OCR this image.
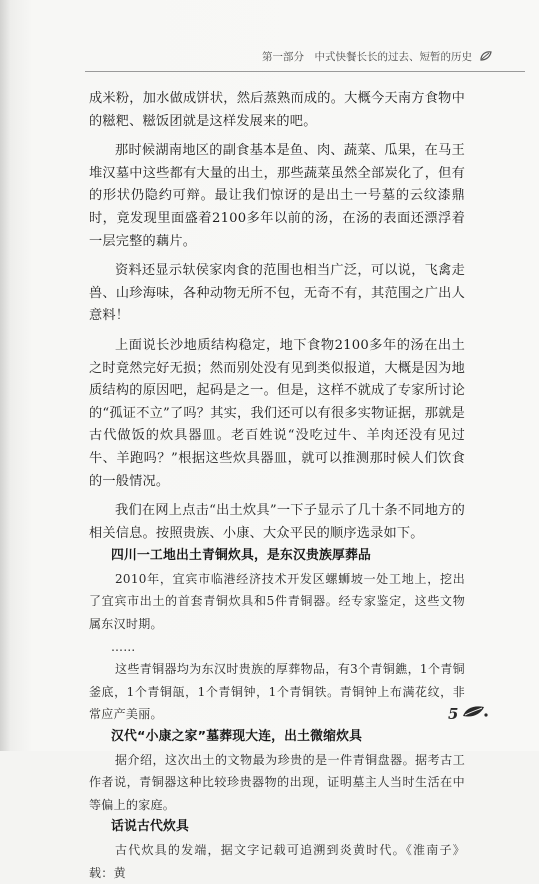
第一部分　中式快餐长长的过去、短暂的历史

成米粉，加水做成饼状，然后蒸熟而成的。大概今天南方食物中的糍粑、糍饭团就是这样发展来的吧。

那时候湖南地区的副食基本是鱼、肉、蔬菜、瓜果，在马王堆汉墓中这些都有大量的出土，那些蔬菜虽然全部炭化了，但有的形状仍隐约可辩。最让我们惊讶的是出土一号墓的云纹漆鼎时，竟发现里面盛着2100多年以前的汤，在汤的表面还漂浮着一层完整的藕片。

资料还显示轪侯家肉食的范围也相当广泛，可以说，飞禽走兽、山珍海味，各种动物无所不包，无奇不有，其范围之广出人意料！

上面说长沙地质结构稳定，地下食物2100多年的汤在出土之时竟然完好无损；然而别处没有见到类似报道，大概是因为地质结构的原因吧，起码是之一。但是，这样不就成了专家所讨论的“孤证不立”了吗？其实，我们还可以有很多实物证据，那就是古代做饭的炊具器皿。老百姓说“没吃过牛、羊肉还没有见过牛、羊跑吗？”根据这些炊具器皿，就可以推测那时候人们饮食的一般情况。

我们在网上点击“出土炊具”一下子显示了几十条不同地方的相关信息。按照贵族、小康、大众平民的顺序选录如下。

四川一工地出土青铜炊具，是东汉贵族厚葬品

2010年，宜宾市临港经济技术开发区螺蛳坡一处工地上，挖出了宜宾市出土的首套青铜炊具和5件青铜器。经专家鉴定，这些文物属东汉时期。

……

这些青铜器均为东汉时贵族的厚葬物品，有3个青铜鐎，1个青铜釜底，1个青铜瓿，1个青铜钟，1个青铜铁。青铜钟上布满花纹，非常应产美丽。

汉代“小康之家”墓葬现大连，出土微缩炊具

据介绍，这次出土的文物最为珍贵的是一件青铜盘器。据考古工作者说，青铜器这种比较珍贵器物的出现，证明墓主人当时生活在中等偏上的家庭。

话说古代炊具

古代炊具的发端，据文字记载可追溯到炎黄时代。《淮南子》载：黄

5
